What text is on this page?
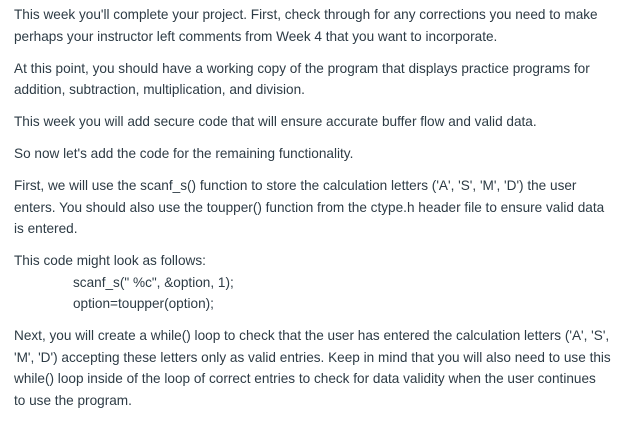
This week you'll complete your project. First, check through for any corrections you need to make
perhaps your instructor left comments from Week 4 that you want to incorporate.

At this point, you should have a working copy of the program that displays practice programs for
addition, subtraction, multiplication, and division.

This week you will add secure code that will ensure accurate buffer flow and valid data.

So now let's add the code for the remaining functionality.

First, we will use the scanf_s() function to store the calculation letters ('A', 'S', 'M', 'D') the user
enters. You should also use the toupper() function from the ctype.h header file to ensure valid data
is entered.

This code might look as follows:
scanf_s(" %c", &option, 1);
option=toupper(option);

Next, you will create a while() loop to check that the user has entered the calculation letters ('A', 'S',
'M', 'D') accepting these letters only as valid entries. Keep in mind that you will also need to use this
while() loop inside of the loop of correct entries to check for data validity when the user continues
to use the program.
